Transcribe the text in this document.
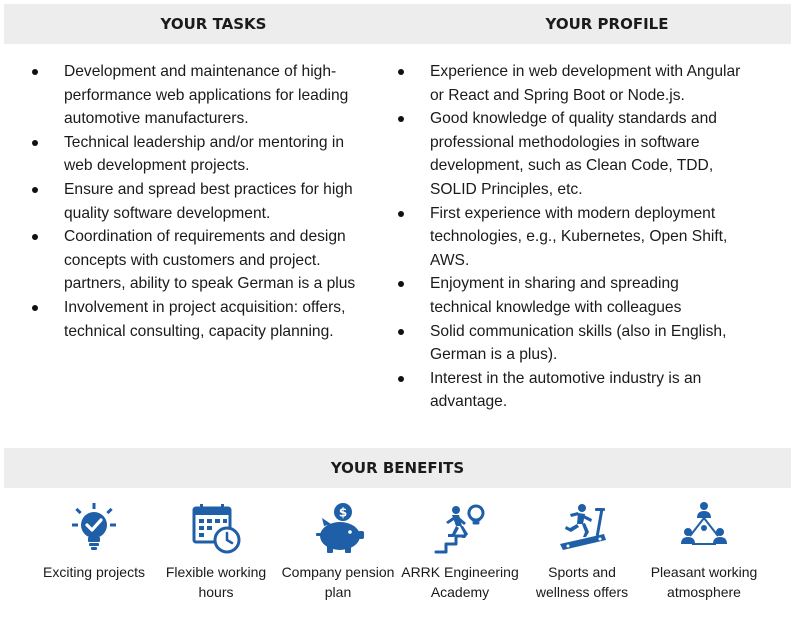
YOUR TASKS	YOUR PROFILE
Development and maintenance of high-performance web applications for leading automotive manufacturers.
Technical leadership and/or mentoring in web development projects.
Ensure and spread best practices for high quality software development.
Coordination of requirements and design concepts with customers and project. partners, ability to speak German is a plus
Involvement in project acquisition: offers, technical consulting, capacity planning.
Experience in web development with Angular or React and Spring Boot or Node.js.
Good knowledge of quality standards and professional methodologies in software development, such as Clean Code, TDD, SOLID Principles, etc.
First experience with modern deployment technologies, e.g., Kubernetes, Open Shift, AWS.
Enjoyment in sharing and spreading technical knowledge with colleagues
Solid communication skills (also in English, German is a plus).
Interest in the automotive industry is an advantage.
YOUR BENEFITS
Exciting projects	Flexible working
hours
$
Company pension
plan
ARRK Engineering
Academy
Sports and
wellness offers
Pleasant working
atmosphere
